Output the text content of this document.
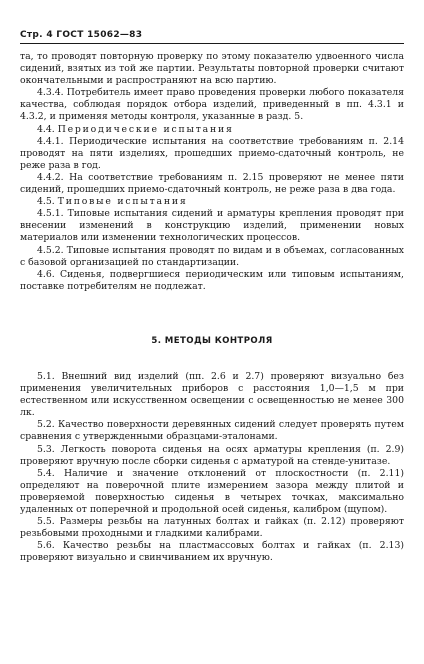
Стр. 4 ГОСТ 15062—83

та, то проводят повторную проверку по этому показателю удвоенного числа сидений, взятых из той же партии. Результаты повторной проверки считают окончательными и распространяют на всю партию.

4.3.4. Потребитель имеет право проведения проверки любого показателя качества, соблюдая порядок отбора изделий, приведенный в пп. 4.3.1 и 4.3.2, и применяя методы контроля, указанные в разд. 5.

4.4. Периодические испытания

4.4.1. Периодические испытания на соответствие требованиям п. 2.14 проводят на пяти изделиях, прошедших приемо-сдаточный контроль, не реже раза в год.

4.4.2. На соответствие требованиям п. 2.15 проверяют не менее пяти сидений, прошедших приемо-сдаточный контроль, не реже раза в два года.

4.5. Типовые испытания

4.5.1. Типовые испытания сидений и арматуры крепления проводят при внесении изменений в конструкцию изделий, применении новых материалов или изменении технологических процессов.

4.5.2. Типовые испытания проводят по видам и в объемах, согласованных с базовой организацией по стандартизации.

4.6. Сиденья, подвергшиеся периодическим или типовым испытаниям, поставке потребителям не подлежат.

5. МЕТОДЫ КОНТРОЛЯ

5.1. Внешний вид изделий (пп. 2.6 и 2.7) проверяют визуально без применения увеличительных приборов с расстояния 1,0—1,5 м при естественном или искусственном освещении с освещенностью не менее 300 лк.

5.2. Качество поверхности деревянных сидений следует проверять путем сравнения с утвержденными образцами-эталонами.

5.3. Легкость поворота сиденья на осях арматуры крепления (п. 2.9) проверяют вручную после сборки сиденья с арматурой на стенде-унитазе.

5.4. Наличие и значение отклонений от плоскостности (п. 2.11) определяют на поверочной плите измерением зазора между плитой и проверяемой поверхностью сиденья в четырех точках, максимально удаленных от поперечной и продольной осей сиденья, калибром (щупом).

5.5. Размеры резьбы на латунных болтах и гайках (п. 2.12) проверяют резьбовыми проходными и гладкими калибрами.

5.6. Качество резьбы на пластмассовых болтах и гайках (п. 2.13) проверяют визуально и свинчиванием их вручную.
